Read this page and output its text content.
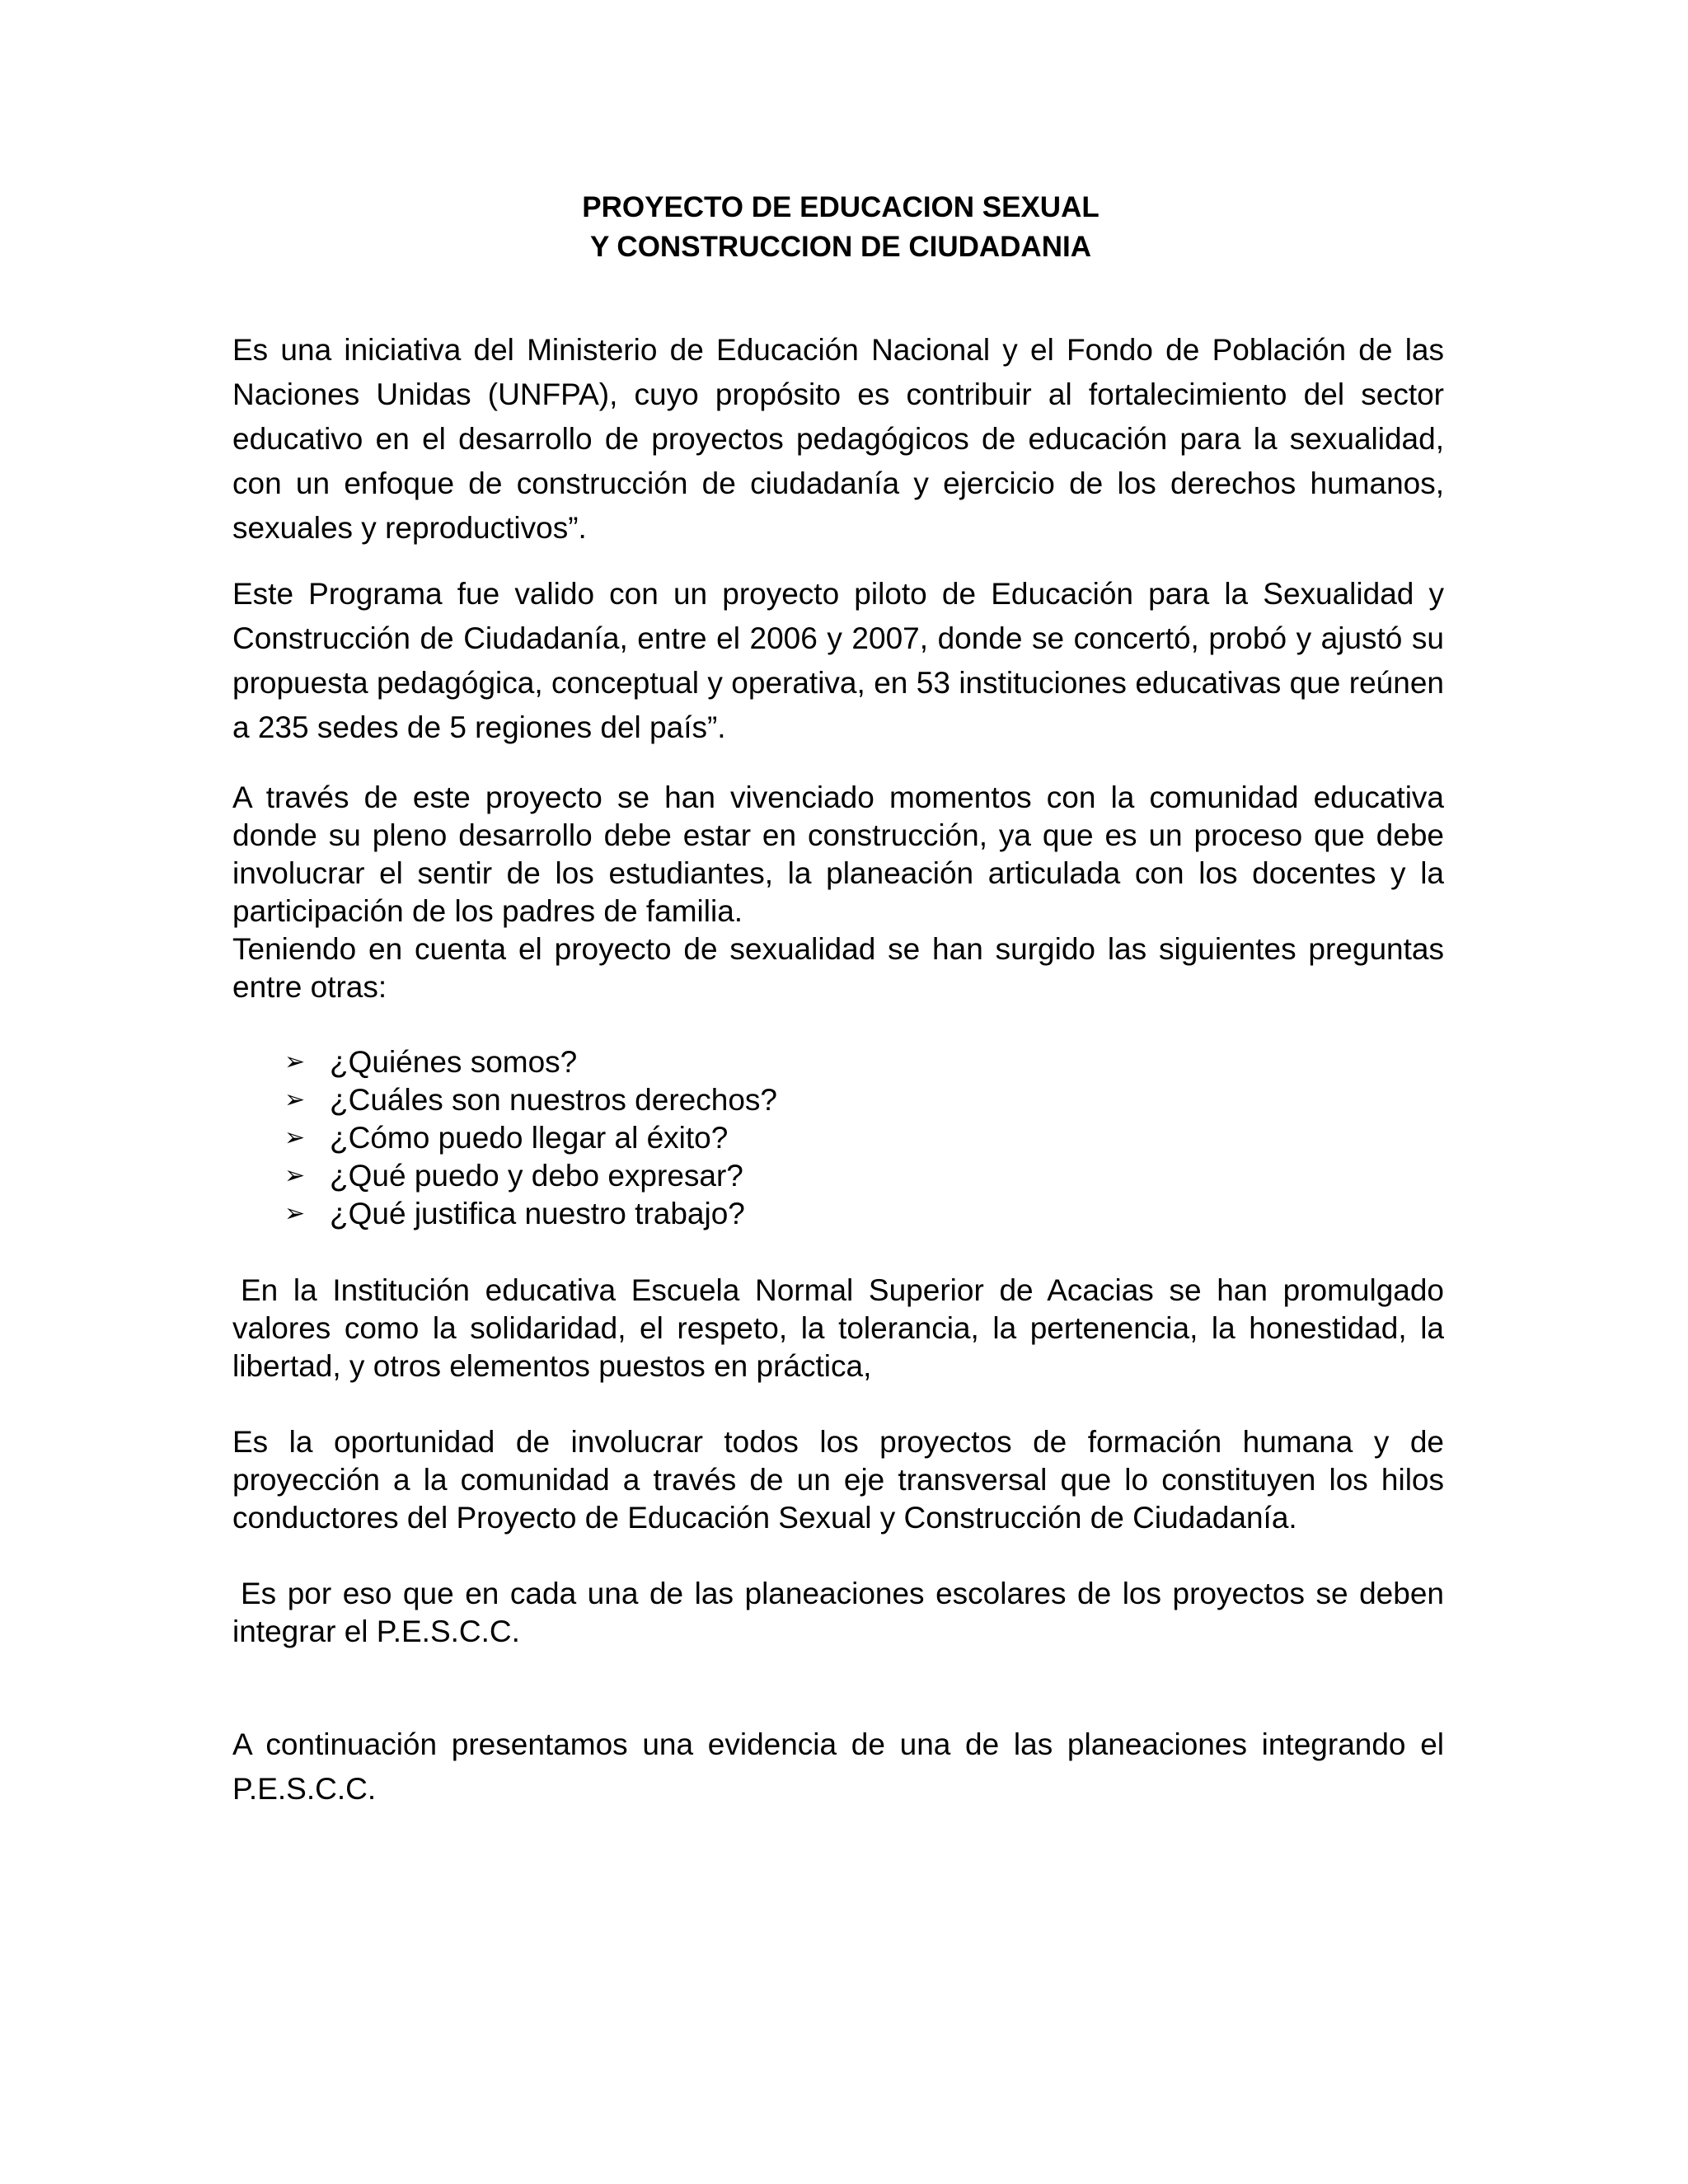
PROYECTO DE EDUCACION SEXUAL
Y CONSTRUCCION DE CIUDADANIA

Es una iniciativa del Ministerio de Educación Nacional y el Fondo de Población de las Naciones Unidas (UNFPA), cuyo propósito es contribuir al fortalecimiento del sector educativo en el desarrollo de proyectos pedagógicos de educación para la sexualidad, con un enfoque de construcción de ciudadanía y ejercicio de los derechos humanos, sexuales y reproductivos”.

Este Programa fue valido con un proyecto piloto de Educación para la Sexualidad y Construcción de Ciudadanía, entre el 2006 y 2007, donde se concertó, probó y ajustó su propuesta pedagógica, conceptual y operativa, en 53 instituciones educativas que reúnen a 235 sedes de 5 regiones del país”.

A través de este proyecto se han vivenciado momentos con la comunidad educativa donde su pleno desarrollo debe estar en construcción, ya que es un proceso que debe involucrar el sentir de los estudiantes, la planeación articulada con los docentes y la participación de los padres de familia.

Teniendo en cuenta el proyecto de sexualidad se han surgido las siguientes preguntas entre otras:

➢ ¿Quiénes somos?
➢ ¿Cuáles son nuestros derechos?
➢ ¿Cómo puedo llegar al éxito?
➢ ¿Qué puedo y debo expresar?
➢ ¿Qué justifica nuestro trabajo?

En la Institución educativa Escuela Normal Superior de Acacias se han promulgado valores como la solidaridad, el respeto, la tolerancia, la pertenencia, la honestidad, la libertad, y otros elementos puestos en práctica,

Es la oportunidad de involucrar todos los proyectos de formación humana y de proyección a la comunidad a través de un eje transversal que lo constituyen los hilos conductores del Proyecto de Educación Sexual y Construcción de Ciudadanía.

Es por eso que en cada una de las planeaciones escolares de los proyectos se deben integrar el P.E.S.C.C.

A continuación presentamos una evidencia de una de las planeaciones integrando el P.E.S.C.C.
